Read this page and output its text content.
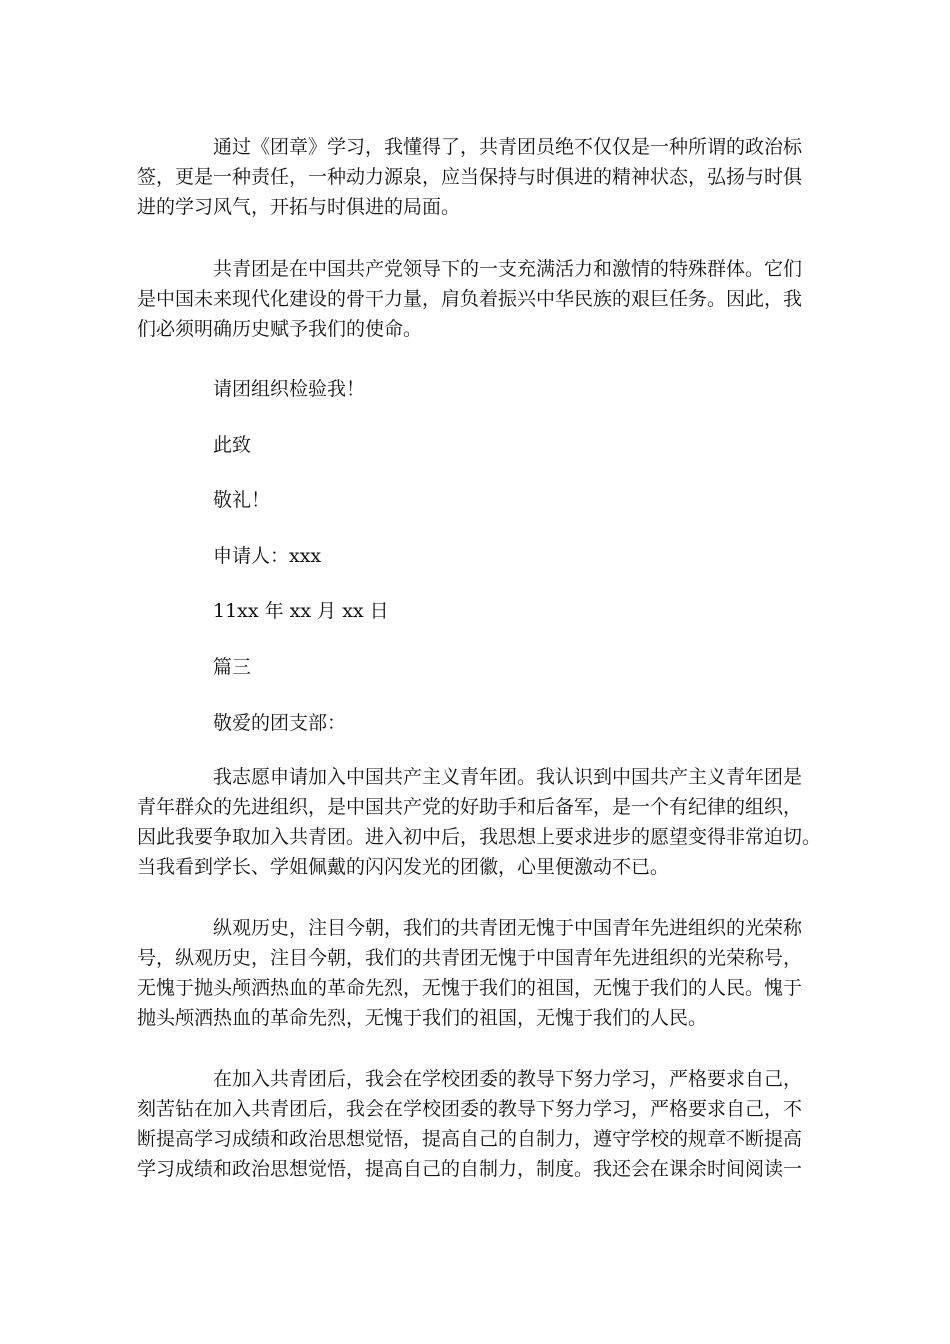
通过《团章》学习，我懂得了，共青团员绝不仅仅是一种所谓的政治标
签，更是一种责任，一种动力源泉，应当保持与时俱进的精神状态，弘扬与时俱
进的学习风气，开拓与时俱进的局面。
共青团是在中国共产党领导下的一支充满活力和激情的特殊群体。它们
是中国未来现代化建设的骨干力量，肩负着振兴中华民族的艰巨任务。因此，我
们必须明确历史赋予我们的使命。

请团组织检验我！

此致

敬礼！

申请人：xxx

11xx 年 xx 月 xx 日

篇三

敬爱的团支部：

我志愿申请加入中国共产主义青年团。我认识到中国共产主义青年团是
青年群众的先进组织，是中国共产党的好助手和后备军，是一个有纪律的组织，
因此我要争取加入共青团。进入初中后，我思想上要求进步的愿望变得非常迫切。
当我看到学长、学姐佩戴的闪闪发光的团徽，心里便激动不已。
纵观历史，注目今朝，我们的共青团无愧于中国青年先进组织的光荣称
号，纵观历史，注目今朝，我们的共青团无愧于中国青年先进组织的光荣称号，
无愧于抛头颅洒热血的革命先烈，无愧于我们的祖国，无愧于我们的人民。愧于
抛头颅洒热血的革命先烈，无愧于我们的祖国，无愧于我们的人民。
在加入共青团后，我会在学校团委的教导下努力学习，严格要求自己，
刻苦钻在加入共青团后，我会在学校团委的教导下努力学习，严格要求自己，不
断提高学习成绩和政治思想觉悟，提高自己的自制力，遵守学校的规章不断提高
学习成绩和政治思想觉悟，提高自己的自制力，制度。我还会在课余时间阅读一
